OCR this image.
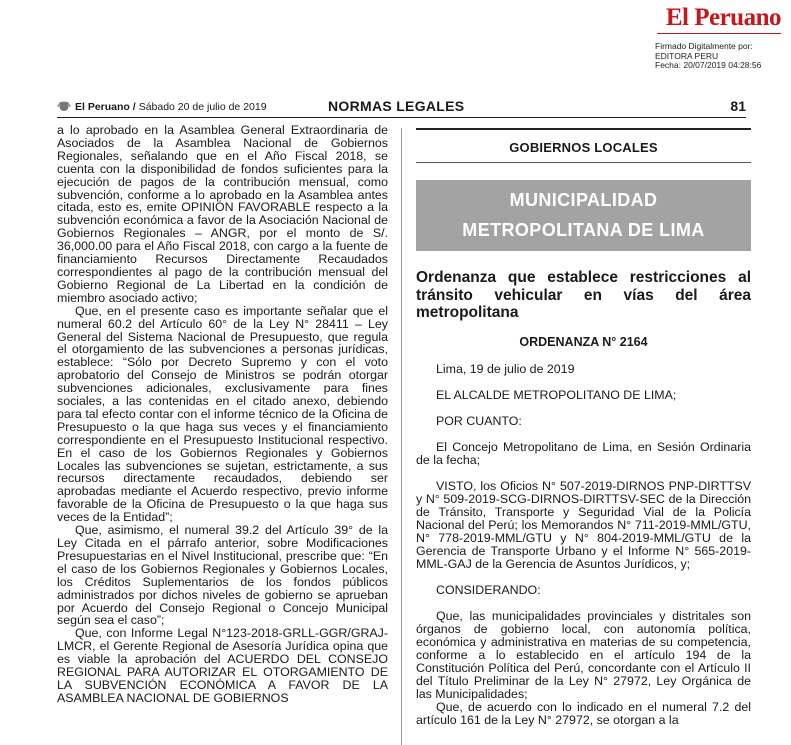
El Peruano
Firmado Digitalmente por:
EDITORA PERU
Fecha: 20/07/2019 04:28:56
El Peruano / Sábado 20 de julio de 2019	NORMAS LEGALES	81

a lo aprobado en la Asamblea General Extraordinaria de Asociados de la Asamblea Nacional de Gobiernos Regionales, señalando que en el Año Fiscal 2018, se cuenta con la disponibilidad de fondos suficientes para la ejecución de pagos de la contribución mensual, como subvención, conforme a lo aprobado en la Asamblea antes citada, esto es, emite OPINIÓN FAVORABLE respecto a la subvención económica a favor de la Asociación Nacional de Gobiernos Regionales – ANGR, por el monto de S/. 36,000.00 para el Año Fiscal 2018, con cargo a la fuente de financiamiento Recursos Directamente Recaudados correspondientes al pago de la contribución mensual del Gobierno Regional de La Libertad en la condición de miembro asociado activo;

Que, en el presente caso es importante señalar que el numeral 60.2 del Artículo 60° de la Ley N° 28411 – Ley General del Sistema Nacional de Presupuesto, que regula el otorgamiento de las subvenciones a personas jurídicas, establece: “Sólo por Decreto Supremo y con el voto aprobatorio del Consejo de Ministros se podrán otorgar subvenciones adicionales, exclusivamente para fines sociales, a las contenidas en el citado anexo, debiendo para tal efecto contar con el informe técnico de la Oficina de Presupuesto o la que haga sus veces y el financiamiento correspondiente en el Presupuesto Institucional respectivo. En el caso de los Gobiernos Regionales y Gobiernos Locales las subvenciones se sujetan, estrictamente, a sus recursos directamente recaudados, debiendo ser aprobadas mediante el Acuerdo respectivo, previo informe favorable de la Oficina de Presupuesto o la que haga sus veces de la Entidad”;

Que, asimismo, el numeral 39.2 del Artículo 39° de la Ley Citada en el párrafo anterior, sobre Modificaciones Presupuestarias en el Nivel Institucional, prescribe que: “En el caso de los Gobiernos Regionales y Gobiernos Locales, los Créditos Suplementarios de los fondos públicos administrados por dichos niveles de gobierno se aprueban por Acuerdo del Consejo Regional o Concejo Municipal según sea el caso”;

Que, con Informe Legal N°123-2018-GRLL-GGR/GRAJ-LMCR, el Gerente Regional de Asesoría Jurídica opina que es viable la aprobación del ACUERDO DEL CONSEJO REGIONAL PARA AUTORIZAR EL OTORGAMIENTO DE LA SUBVENCIÓN ECONÓMICA A FAVOR DE LA ASAMBLEA NACIONAL DE GOBIERNOS

GOBIERNOS LOCALES
MUNICIPALIDAD
METROPOLITANA DE LIMA
Ordenanza que establece restricciones al tránsito vehicular en vías del área metropolitana
ORDENANZA N° 2164

Lima, 19 de julio de 2019

EL ALCALDE METROPOLITANO DE LIMA;

POR CUANTO:

El Concejo Metropolitano de Lima, en Sesión Ordinaria de la fecha;

VISTO, los Oficios N° 507-2019-DIRNOS PNP-DIRTTSV y N° 509-2019-SCG-DIRNOS-DIRTTSV-SEC de la Dirección de Tránsito, Transporte y Seguridad Vial de la Policía Nacional del Perú; los Memorandos N° 711-2019-MML/GTU, N° 778-2019-MML/GTU y N° 804-2019-MML/GTU de la Gerencia de Transporte Urbano y el Informe N° 565-2019-MML-GAJ de la Gerencia de Asuntos Jurídicos, y;

CONSIDERANDO:

Que, las municipalidades provinciales y distritales son órganos de gobierno local, con autonomía política, económica y administrativa en materias de su competencia, conforme a lo establecido en el artículo 194 de la Constitución Política del Perú, concordante con el Artículo II del Título Preliminar de la Ley N° 27972, Ley Orgánica de las Municipalidades;

Que, de acuerdo con lo indicado en el numeral 7.2 del artículo 161 de la Ley N° 27972, se otorgan a la
